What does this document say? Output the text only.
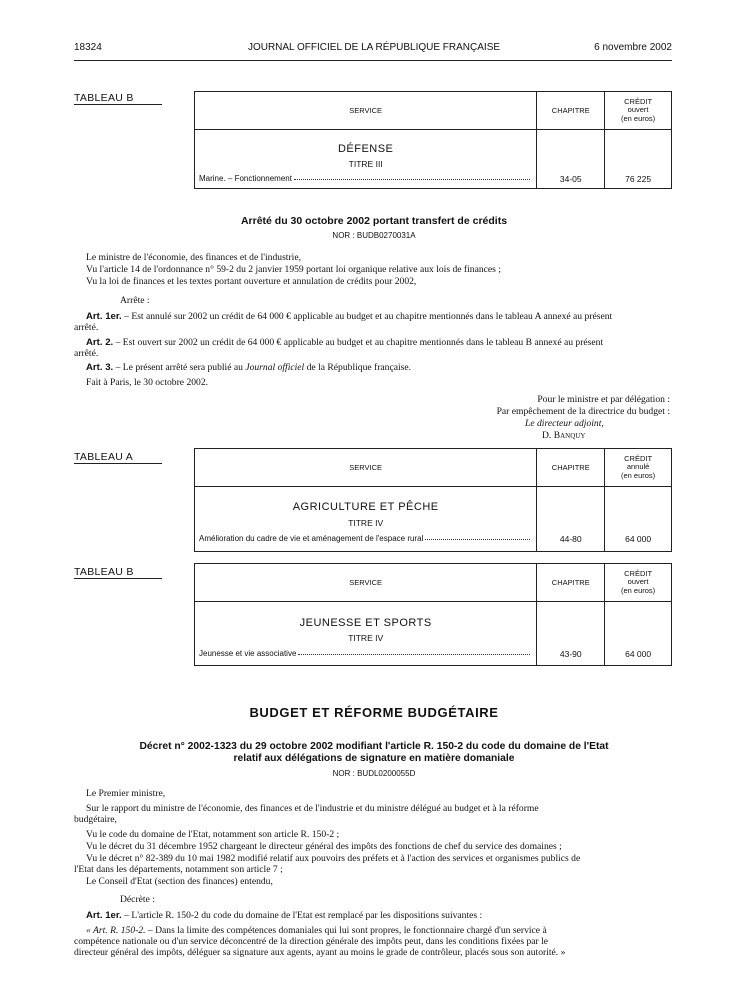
18324	JOURNAL OFFICIEL DE LA RÉPUBLIQUE FRANÇAISE	6 novembre 2002
TABLEAU B
SERVICE	CHAPITRE	CRÉDIT
ouvert
(en euros)

DÉFENSE
TITRE III
Marine. – Fonctionnement	34-05	76 225
Arrêté du 30 octobre 2002 portant transfert de crédits
NOR : BUDB0270031A
Le ministre de l'économie, des finances et de l'industrie,
Vu l'article 14 de l'ordonnance n° 59-2 du 2 janvier 1959 portant loi organique relative aux lois de finances ;
Vu la loi de finances et les textes portant ouverture et annulation de crédits pour 2002,
Arrête :
Art. 1er. – Est annulé sur 2002 un crédit de 64 000 € applicable au budget et au chapitre mentionnés dans le tableau A annexé au présent
arrêté.
Art. 2. – Est ouvert sur 2002 un crédit de 64 000 € applicable au budget et au chapitre mentionnés dans le tableau B annexé au présent
arrêté.
Art. 3. – Le présent arrêté sera publié au Journal officiel de la République française.
Fait à Paris, le 30 octobre 2002.
Pour le ministre et par délégation :
Par empêchement de la directrice du budget :
Le directeur adjoint,
D. Banquy
TABLEAU A
SERVICE	CHAPITRE	CRÉDIT
annulé
(en euros)

AGRICULTURE ET PÊCHE
TITRE IV
Amélioration du cadre de vie et aménagement de l'espace rural	44-80	64 000
TABLEAU B
SERVICE	CHAPITRE	CRÉDIT
ouvert
(en euros)

JEUNESSE ET SPORTS
TITRE IV
Jeunesse et vie associative	43-90	64 000
BUDGET ET RÉFORME BUDGÉTAIRE
Décret n° 2002-1323 du 29 octobre 2002 modifiant l'article R. 150-2 du code du domaine de l'Etat
relatif aux délégations de signature en matière domaniale
NOR : BUDL0200055D
Le Premier ministre,
Sur le rapport du ministre de l'économie, des finances et de l'industrie et du ministre délégué au budget et à la réforme
budgétaire,
Vu le code du domaine de l'Etat, notamment son article R. 150-2 ;
Vu le décret du 31 décembre 1952 chargeant le directeur général des impôts des fonctions de chef du service des domaines ;
Vu le décret n° 82-389 du 10 mai 1982 modifié relatif aux pouvoirs des préfets et à l'action des services et organismes publics de
l'Etat dans les départements, notamment son article 7 ;
Le Conseil d'Etat (section des finances) entendu,
Décrète :
Art. 1er. – L'article R. 150-2 du code du domaine de l'Etat est remplacé par les dispositions suivantes :
« Art. R. 150-2. – Dans la limite des compétences domaniales qui lui sont propres, le fonctionnaire chargé d'un service à
compétence nationale ou d'un service déconcentré de la direction générale des impôts peut, dans les conditions fixées par le
directeur général des impôts, déléguer sa signature aux agents, ayant au moins le grade de contrôleur, placés sous son autorité. »
